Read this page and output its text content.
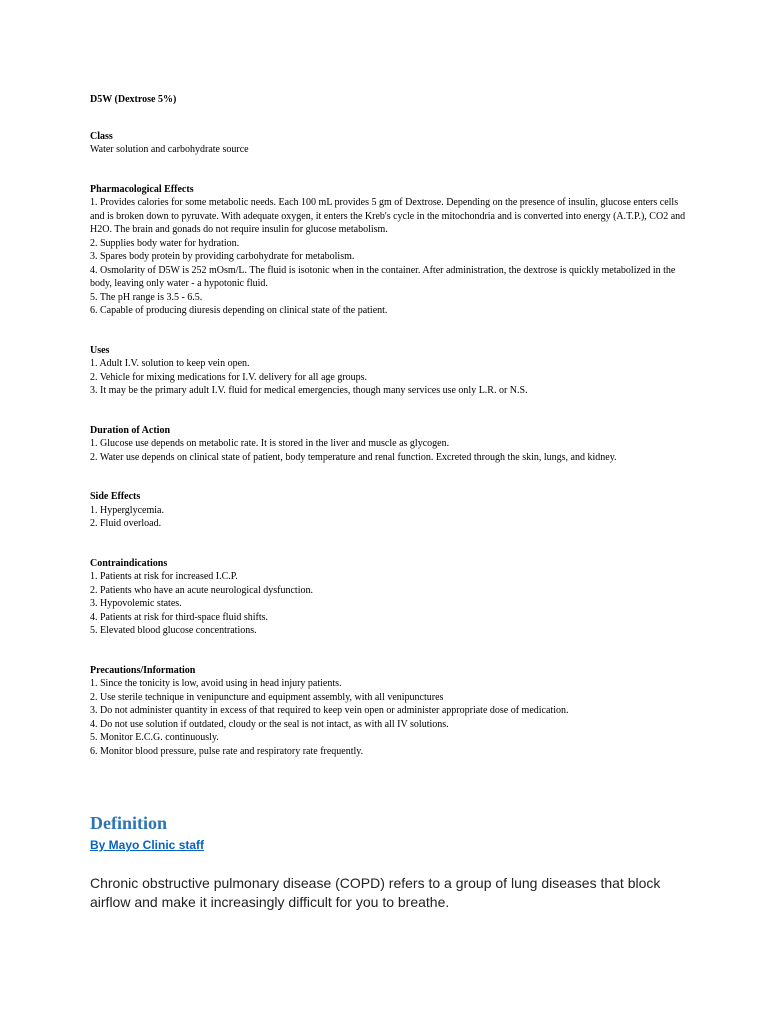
D5W (Dextrose 5%)

Class

Water solution and carbohydrate source

Pharmacological Effects

1. Provides calories for some metabolic needs. Each 100 mL provides 5 gm of Dextrose. Depending on the presence of insulin, glucose enters cells and is broken down to pyruvate. With adequate oxygen, it enters the Kreb's cycle in the mitochondria and is converted into energy (A.T.P.), CO2 and H2O. The brain and gonads do not require insulin for glucose metabolism.

2. Supplies body water for hydration.

3. Spares body protein by providing carbohydrate for metabolism.

4. Osmolarity of D5W is 252 mOsm/L. The fluid is isotonic when in the container. After administration, the dextrose is quickly metabolized in the body, leaving only water - a hypotonic fluid.

5. The pH range is 3.5 - 6.5.

6. Capable of producing diuresis depending on clinical state of the patient.

Uses

1. Adult I.V. solution to keep vein open.

2. Vehicle for mixing medications for I.V. delivery for all age groups.

3. It may be the primary adult I.V. fluid for medical emergencies, though many services use only L.R. or N.S.

Duration of Action

1. Glucose use depends on metabolic rate. It is stored in the liver and muscle as glycogen.

2. Water use depends on clinical state of patient, body temperature and renal function. Excreted through the skin, lungs, and kidney.

Side Effects

1. Hyperglycemia.

2. Fluid overload.

Contraindications

1. Patients at risk for increased I.C.P.

2. Patients who have an acute neurological dysfunction.

3. Hypovolemic states.

4. Patients at risk for third-space fluid shifts.

5. Elevated blood glucose concentrations.

Precautions/Information

1. Since the tonicity is low, avoid using in head injury patients.

2. Use sterile technique in venipuncture and equipment assembly, with all venipunctures

3. Do not administer quantity in excess of that required to keep vein open or administer appropriate dose of medication.

4. Do not use solution if outdated, cloudy or the seal is not intact, as with all IV solutions.

5. Monitor E.C.G. continuously.

6. Monitor blood pressure, pulse rate and respiratory rate frequently.

Definition

By Mayo Clinic staff

Chronic obstructive pulmonary disease (COPD) refers to a group of lung diseases that block airflow and make it increasingly difficult for you to breathe.
